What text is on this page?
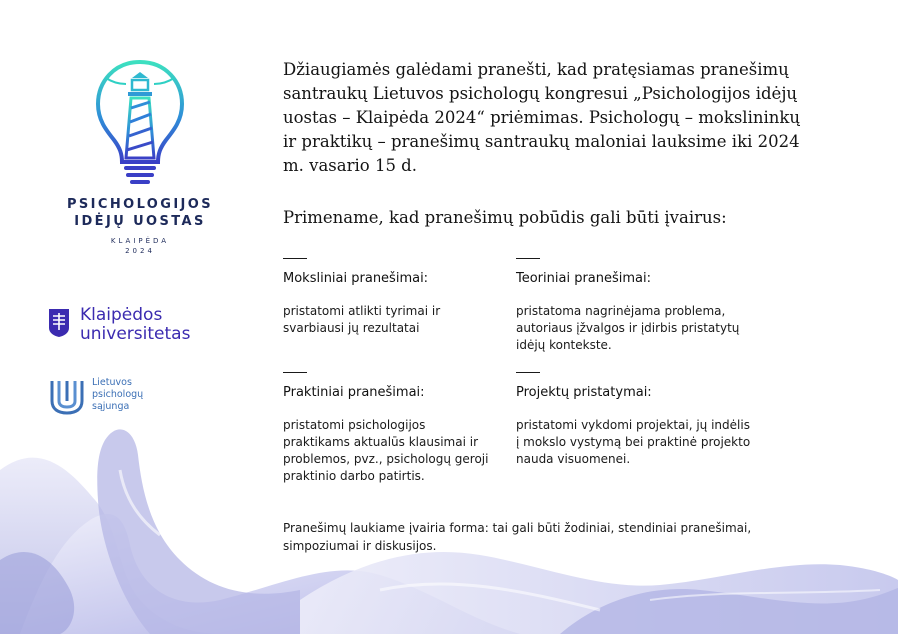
PSICHOLOGIJOS
IDĖJŲ UOSTAS
KLAIPĖDA
2024
Klaipėdos
universitetas
Lietuvos
psichologų
sąjunga

Džiaugiamės galėdami pranešti, kad pratęsiamas pranešimų santraukų Lietuvos psichologų kongresui „Psichologijos idėjų uostas – Klaipėda 2024“ priėmimas. Psichologų – mokslininkų ir praktikų – pranešimų santraukų maloniai lauksime iki 2024 m. vasario 15 d.

Primename, kad pranešimų pobūdis gali būti įvairus:

Moksliniai pranešimai:
pristatomi atlikti tyrimai ir svarbiausi jų rezultatai
Teoriniai pranešimai:
pristatoma nagrinėjama problema, autoriaus įžvalgos ir įdirbis pristatytų idėjų kontekste.
Praktiniai pranešimai:
pristatomi psichologijos praktikams aktualūs klausimai ir problemos, pvz., psichologų geroji praktinio darbo patirtis.
Projektų pristatymai:
pristatomi vykdomi projektai, jų indėlis į mokslo vystymą bei praktinė projekto nauda visuomenei.

Pranešimų laukiame įvairia forma: tai gali būti žodiniai, stendiniai pranešimai, simpoziumai ir diskusijos.
